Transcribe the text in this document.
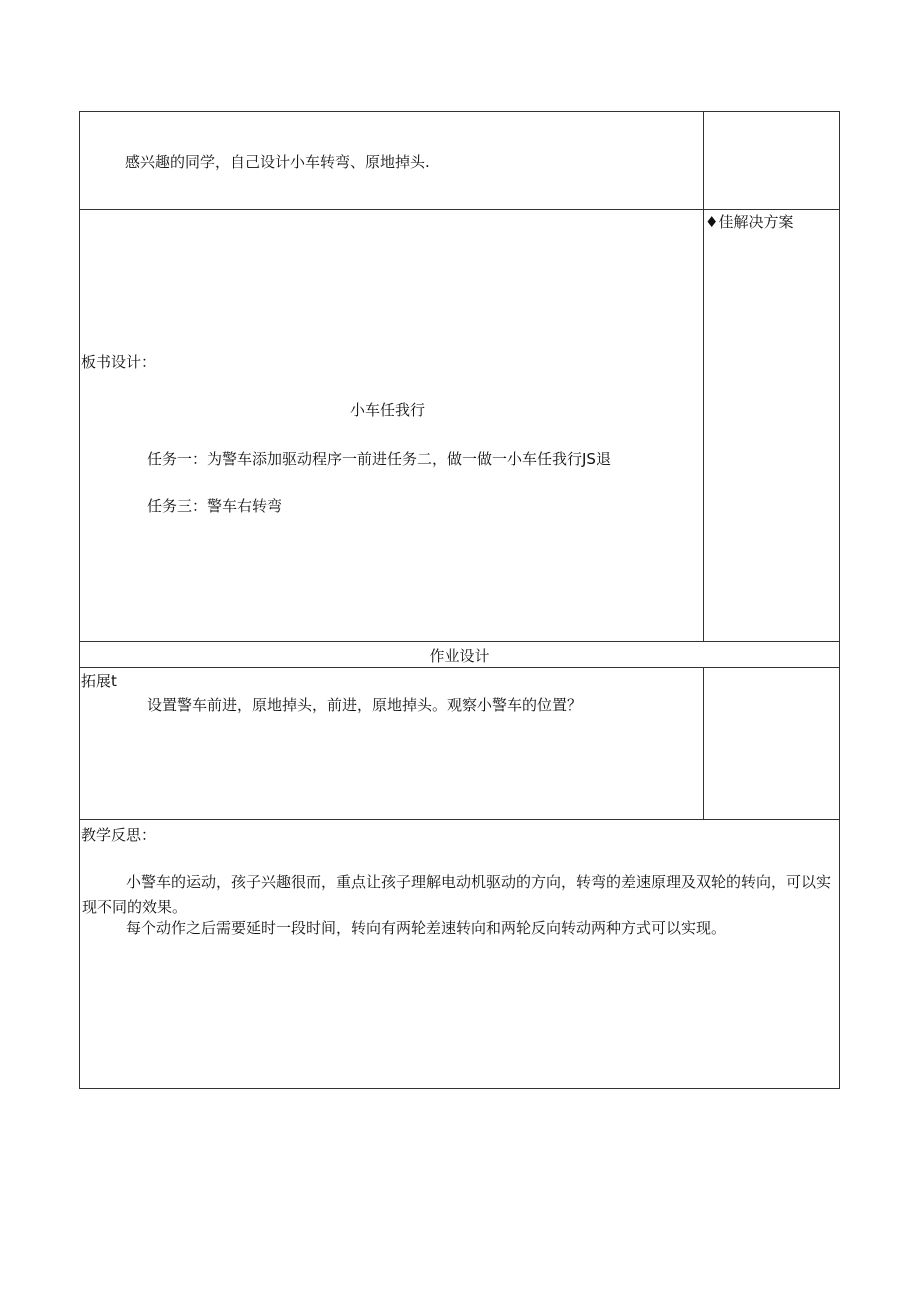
感兴趣的同学，自己设计小车转弯、原地掉头.
♦佳解决方案
板书设计：
小车任我行
任务一：为警车添加驱动程序一前进任务二，做一做一小车任我行JS退
任务三：警车右转弯
作业设计
拓展t
设置警车前进，原地掉头，前进，原地掉头。观察小警车的位置？
教学反思：
小警车的运动，孩子兴趣很而，重点让孩子理解电动机驱动的方向，转弯的差速原理及双轮的转向，可以实现不同的效果。
每个动作之后需要延时一段时间，转向有两轮差速转向和两轮反向转动两种方式可以实现。
